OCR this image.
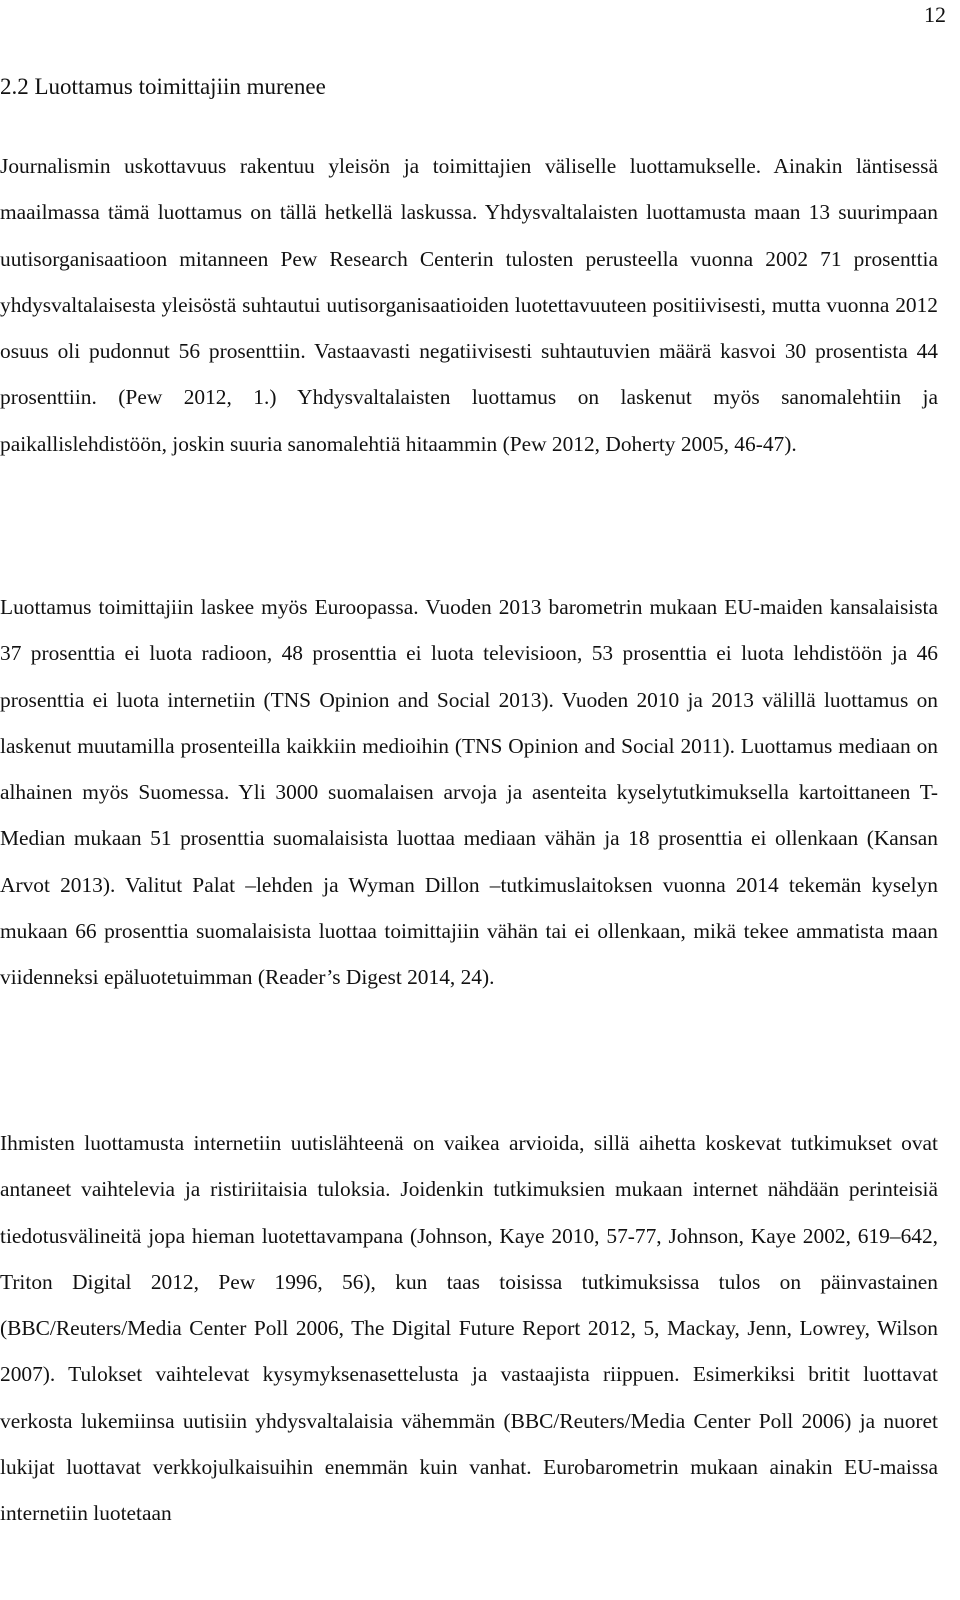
12
2.2 Luottamus toimittajiin murenee

Journalismin uskottavuus rakentuu yleisön ja toimittajien väliselle luottamukselle. Ainakin läntisessä maailmassa tämä luottamus on tällä hetkellä laskussa. Yhdysvaltalaisten luottamusta maan 13 suurimpaan uutisorganisaatioon mitanneen Pew Research Centerin tulosten perusteella vuonna 2002 71 prosenttia yhdysvaltalaisesta yleisöstä suhtautui uutisorganisaatioiden luotettavuuteen positiivisesti, mutta vuonna 2012 osuus oli pudonnut 56 prosenttiin. Vastaavasti negatiivisesti suhtautuvien määrä kasvoi 30 prosentista 44 prosenttiin. (Pew 2012, 1.) Yhdysvaltalaisten luottamus on laskenut myös sanomalehtiin ja paikallislehdistöön, joskin suuria sanomalehtiä hitaammin (Pew 2012, Doherty 2005, 46-47).

Luottamus toimittajiin laskee myös Euroopassa. Vuoden 2013 barometrin mukaan EU-maiden kansalaisista 37 prosenttia ei luota radioon, 48 prosenttia ei luota televisioon, 53 prosenttia ei luota lehdistöön ja 46 prosenttia ei luota internetiin (TNS Opinion and Social 2013). Vuoden 2010 ja 2013 välillä luottamus on laskenut muutamilla prosenteilla kaikkiin medioihin (TNS Opinion and Social 2011). Luottamus mediaan on alhainen myös Suomessa. Yli 3000 suomalaisen arvoja ja asenteita kyselytutkimuksella kartoittaneen T-Median mukaan 51 prosenttia suomalaisista luottaa mediaan vähän ja 18 prosenttia ei ollenkaan (Kansan Arvot 2013). Valitut Palat –lehden ja Wyman Dillon –tutkimuslaitoksen vuonna 2014 tekemän kyselyn mukaan 66 prosenttia suomalaisista luottaa toimittajiin vähän tai ei ollenkaan, mikä tekee ammatista maan viidenneksi epäluotetuimman (Reader’s Digest 2014, 24).

Ihmisten luottamusta internetiin uutislähteenä on vaikea arvioida, sillä aihetta koskevat tutkimukset ovat antaneet vaihtelevia ja ristiriitaisia tuloksia. Joidenkin tutkimuksien mukaan internet nähdään perinteisiä tiedotusvälineitä jopa hieman luotettavampana (Johnson, Kaye 2010, 57-77, Johnson, Kaye 2002, 619–642, Triton Digital 2012, Pew 1996, 56), kun taas toisissa tutkimuksissa tulos on päinvastainen (BBC/Reuters/Media Center Poll 2006, The Digital Future Report 2012, 5, Mackay, Jenn, Lowrey, Wilson 2007). Tulokset vaihtelevat kysymyksenasettelusta ja vastaajista riippuen. Esimerkiksi britit luottavat verkosta lukemiinsa uutisiin yhdysvaltalaisia vähemmän (BBC/Reuters/Media Center Poll 2006) ja nuoret lukijat luottavat verkkojulkaisuihin enemmän kuin vanhat. Eurobarometrin mukaan ainakin EU-maissa internetiin luotetaan
